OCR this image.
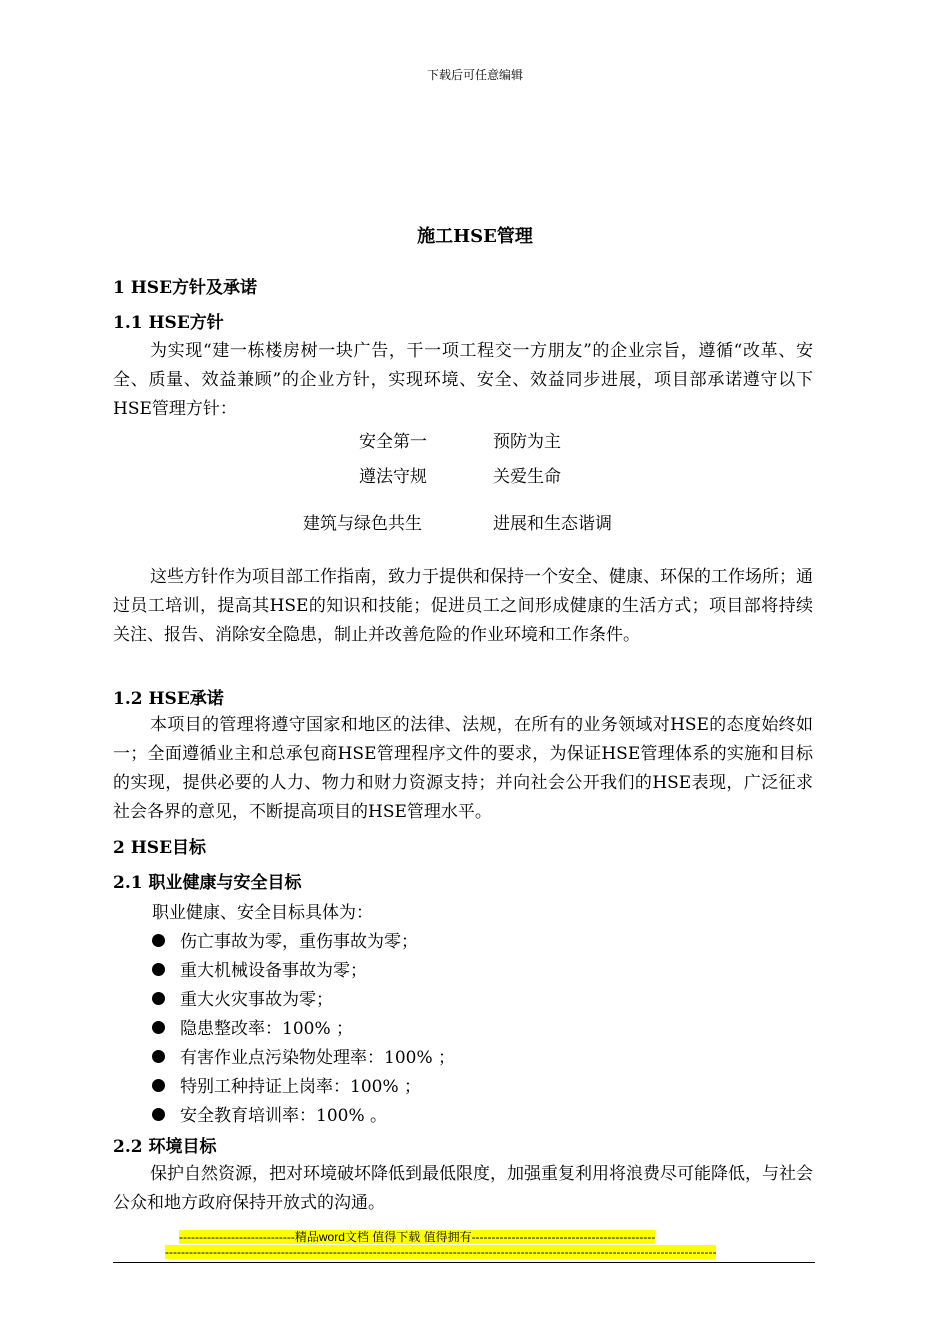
下载后可任意编辑
施工HSE管理
1 HSE方针及承诺
1.1 HSE方针
为实现“建一栋楼房树一块广告，干一项工程交一方朋友”的企业宗旨，遵循“改革、安全、质量、效益兼顾”的企业方针，实现环境、安全、效益同步进展，项目部承诺遵守以下HSE管理方针：
安全第一	预防为主
遵法守规	关爱生命
建筑与绿色共生	进展和生态谐调
这些方针作为项目部工作指南，致力于提供和保持一个安全、健康、环保的工作场所；通过员工培训，提高其HSE的知识和技能；促进员工之间形成健康的生活方式；项目部将持续关注、报告、消除安全隐患，制止并改善危险的作业环境和工作条件。
1.2 HSE承诺
本项目的管理将遵守国家和地区的法律、法规，在所有的业务领域对HSE的态度始终如一；全面遵循业主和总承包商HSE管理程序文件的要求，为保证HSE管理体系的实施和目标的实现，提供必要的人力、物力和财力资源支持；并向社会公开我们的HSE表现，广泛征求社会各界的意见，不断提高项目的HSE管理水平。
2 HSE目标
2.1 职业健康与安全目标
职业健康、安全目标具体为：
伤亡事故为零，重伤事故为零；
重大机械设备事故为零；
重大火灾事故为零；
隐患整改率：100% ；
有害作业点污染物处理率：100% ；
特别工种持证上岗率：100% ；
安全教育培训率：100% 。
2.2 环境目标
保护自然资源，把对环境破坏降低到最低限度，加强重复利用将浪费尽可能降低，与社会公众和地方政府保持开放式的沟通。
-----------------------------精品word文档 值得下载 值得拥有----------------------------------------------
------------------------------------------------------------------------------------------------------------------------------------------
